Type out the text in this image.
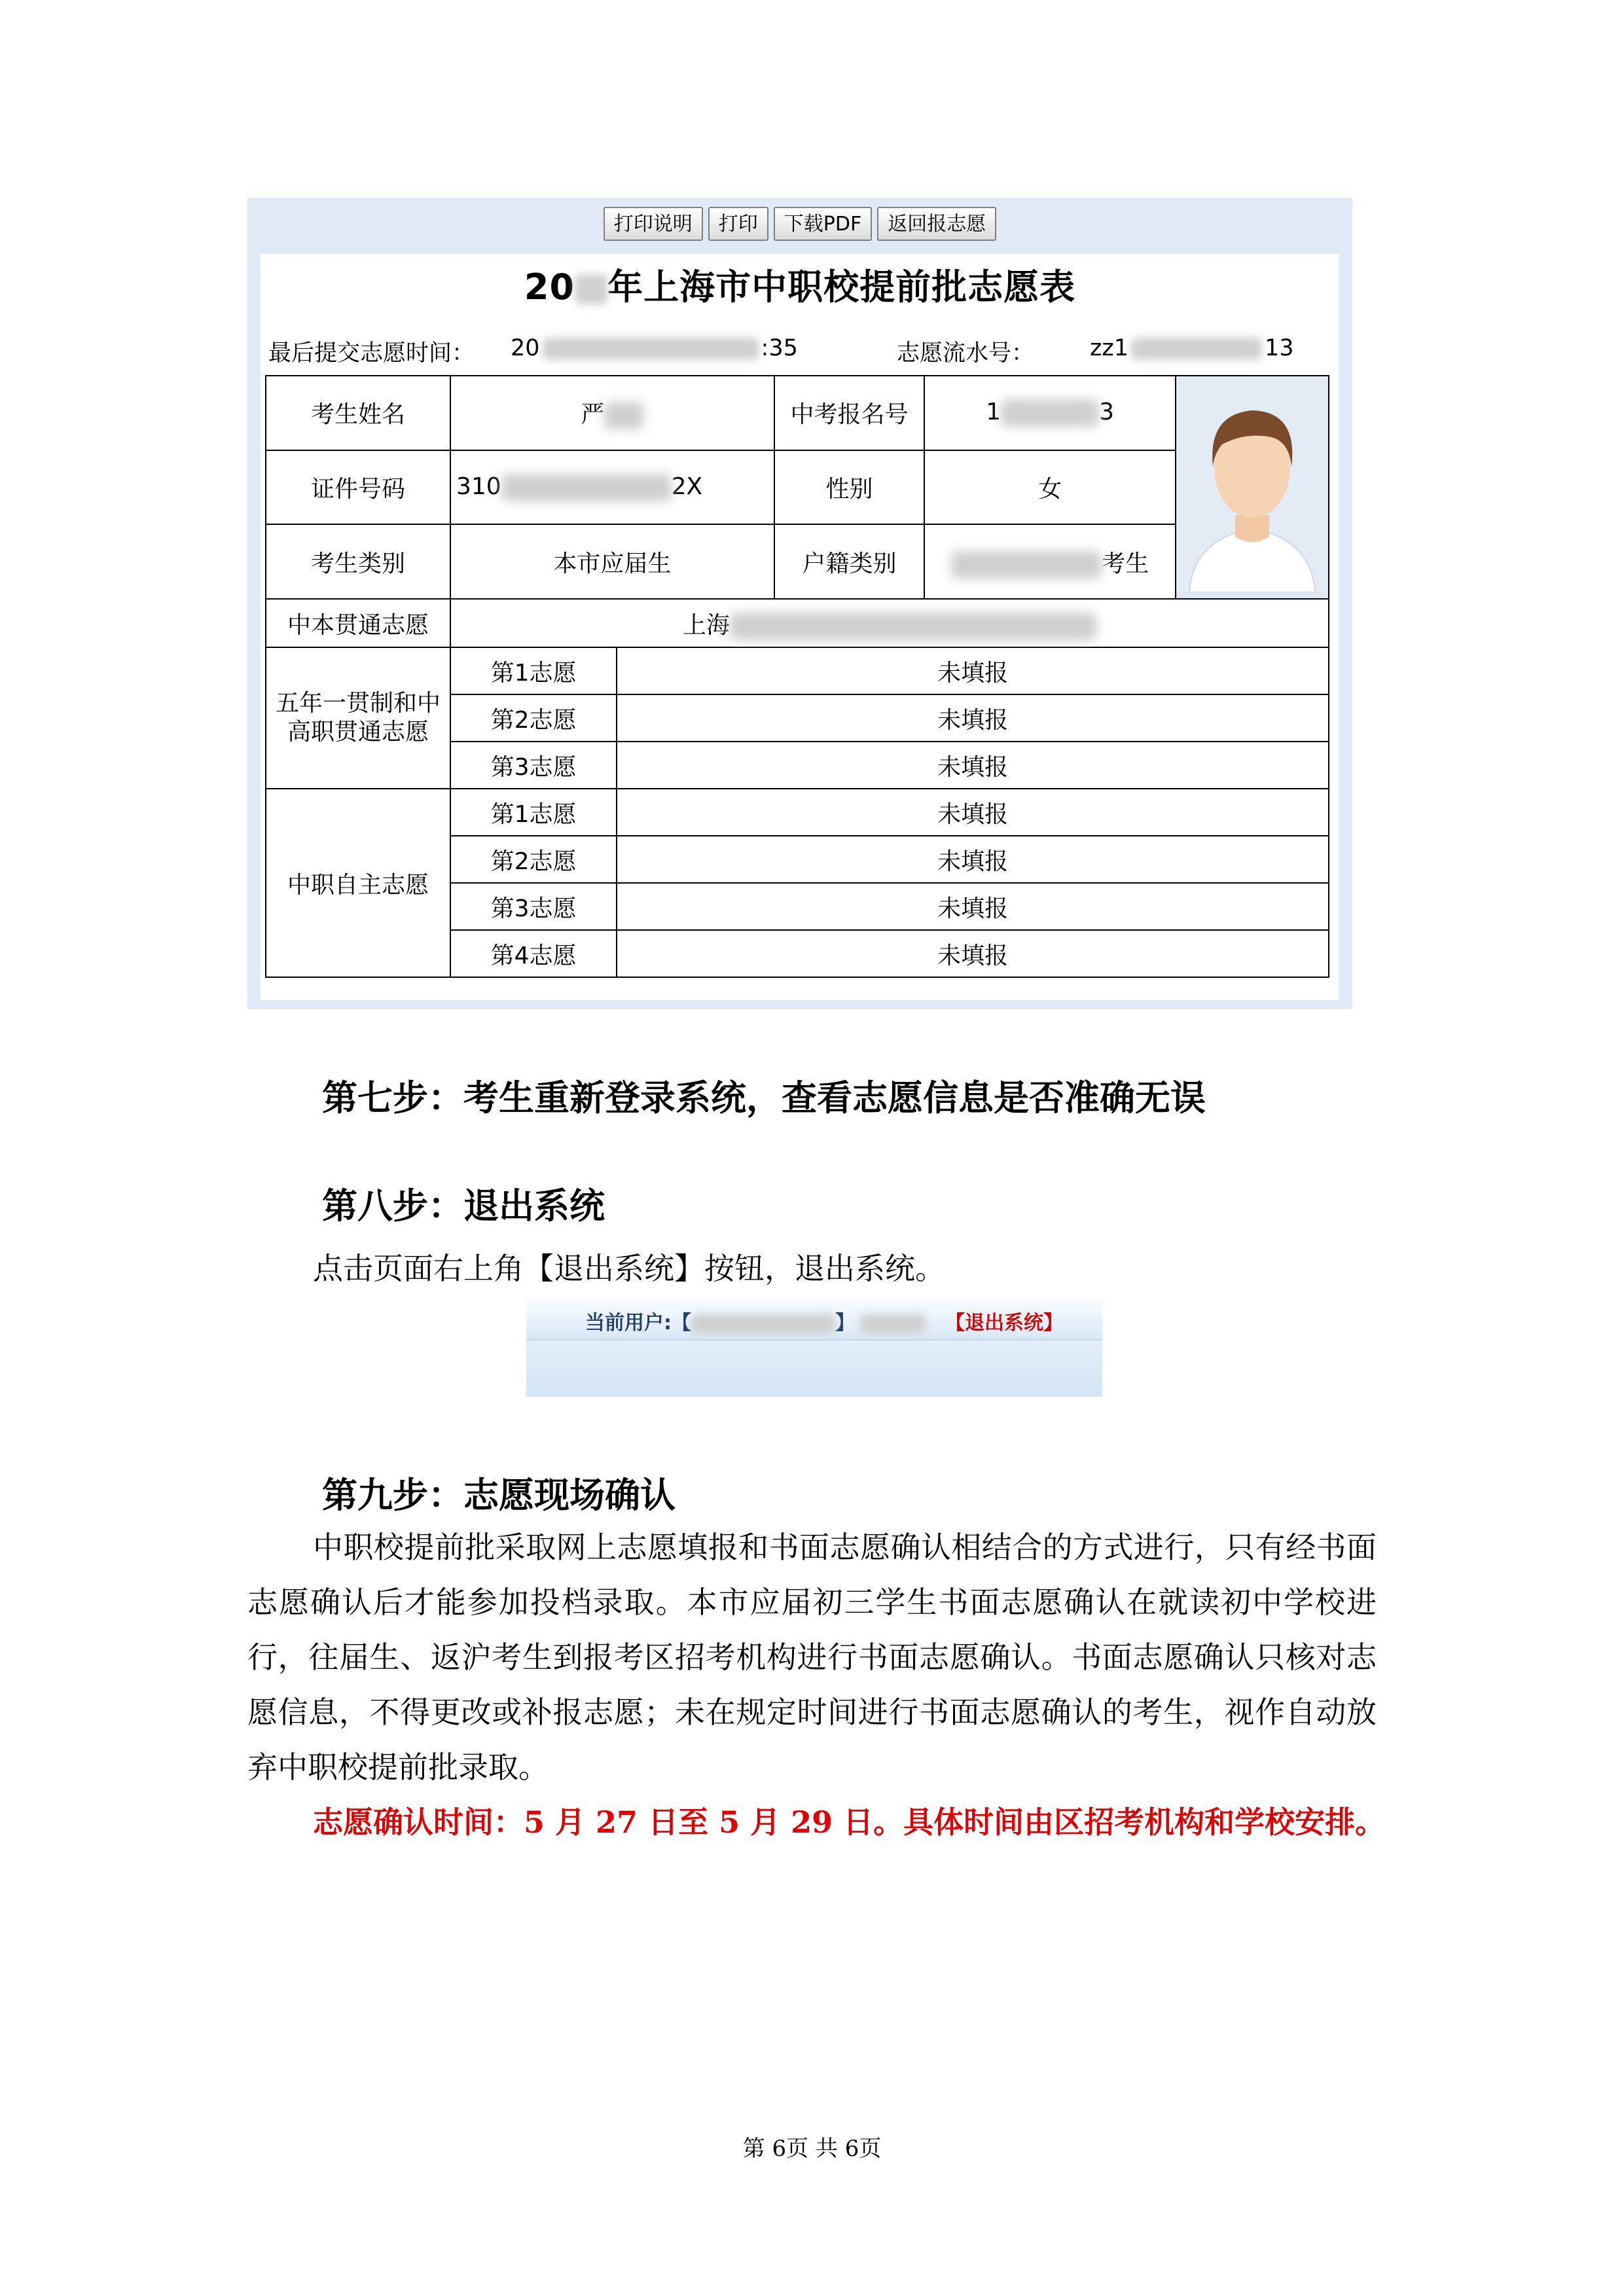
打印说明 打印 下载PDF 返回报志愿
20 年上海市中职校提前批志愿表
最后提交志愿时间： 20	:35	志愿流水号： zz1	13
考生姓名	严		中考报名号	1 3	
证件号码	310 2X		性别	女	
考生类别	本市应届生		户籍类别	考生	
中本贯通志愿	上海				
五年一贯制和中高职贯通志愿	第1志愿	未填报			
	第2志愿	未填报			
	第3志愿	未填报			
中职自主志愿	第1志愿	未填报			
	第2志愿	未填报			
	第3志愿	未填报			
	第4志愿	未填报			
第七步：考生重新登录系统，查看志愿信息是否准确无误
第八步：退出系统
点击页面右上角【退出系统】按钮，退出系统。
当前用户:【	】	【退出系统】
第九步：志愿现场确认
中职校提前批采取网上志愿填报和书面志愿确认相结合的方式进行，只有经书面志愿确认后才能参加投档录取。本市应届初三学生书面志愿确认在就读初中学校进行，往届生、返沪考生到报考区招考机构进行书面志愿确认。书面志愿确认只核对志愿信息，不得更改或补报志愿；未在规定时间进行书面志愿确认的考生，视作自动放弃中职校提前批录取。
志愿确认时间：5 月 27 日至 5 月 29 日。具体时间由区招考机构和学校安排。
第 6页 共 6页
